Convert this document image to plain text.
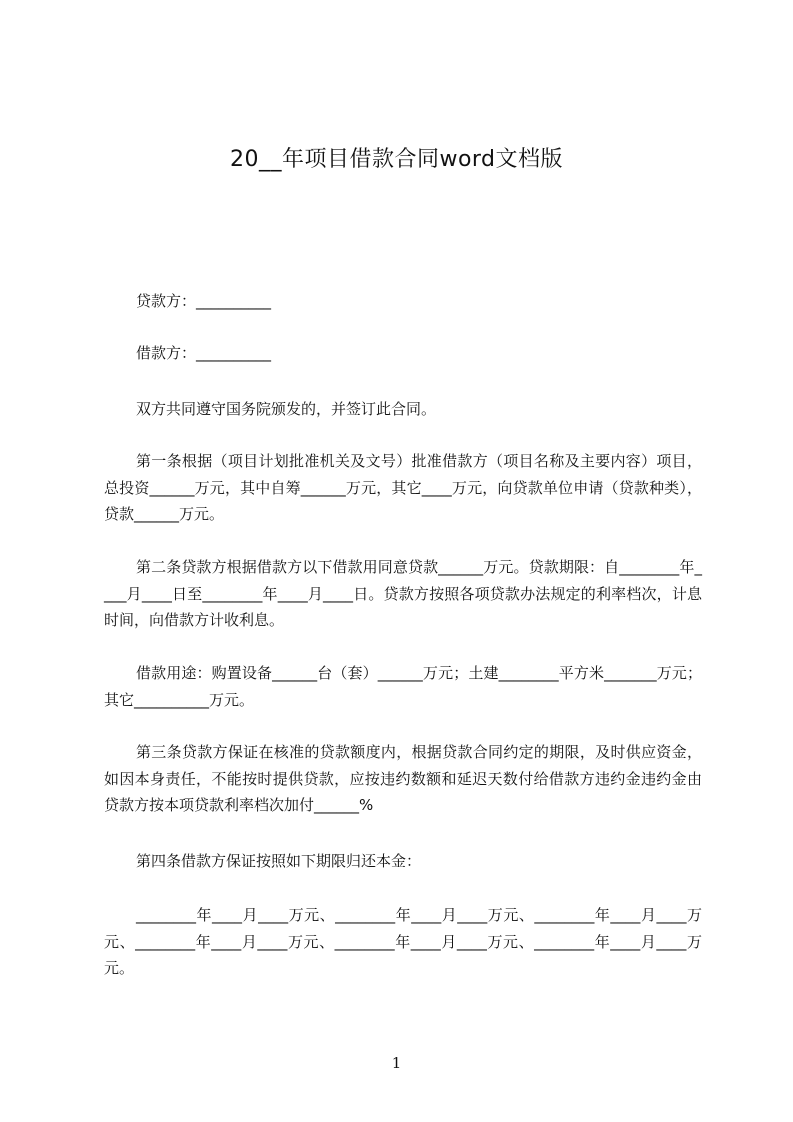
20__年项目借款合同word文档版

贷款方：__________

借款方：__________

双方共同遵守国务院颁发的，并签订此合同。

第一条根据（项目计划批准机关及文号）批准借款方（项目名称及主要内容）项目，总投资______万元，其中自筹______万元，其它____万元，向贷款单位申请（贷款种类），贷款______万元。

第二条贷款方根据借款方以下借款用同意贷款______万元。贷款期限：自________年____月____日至________年____月____日。贷款方按照各项贷款办法规定的利率档次，计息时间，向借款方计收利息。

借款用途：购置设备______台（套）______万元；土建________平方米_______万元；其它__________万元。

第三条贷款方保证在核准的贷款额度内，根据贷款合同约定的期限，及时供应资金，如因本身责任，不能按时提供贷款，应按违约数额和延迟天数付给借款方违约金违约金由贷款方按本项贷款利率档次加付______%

第四条借款方保证按照如下期限归还本金：

________年____月____万元、________年____月____万元、________年____月____万元、________年____月____万元、________年____月____万元、________年____月____万元。

1
